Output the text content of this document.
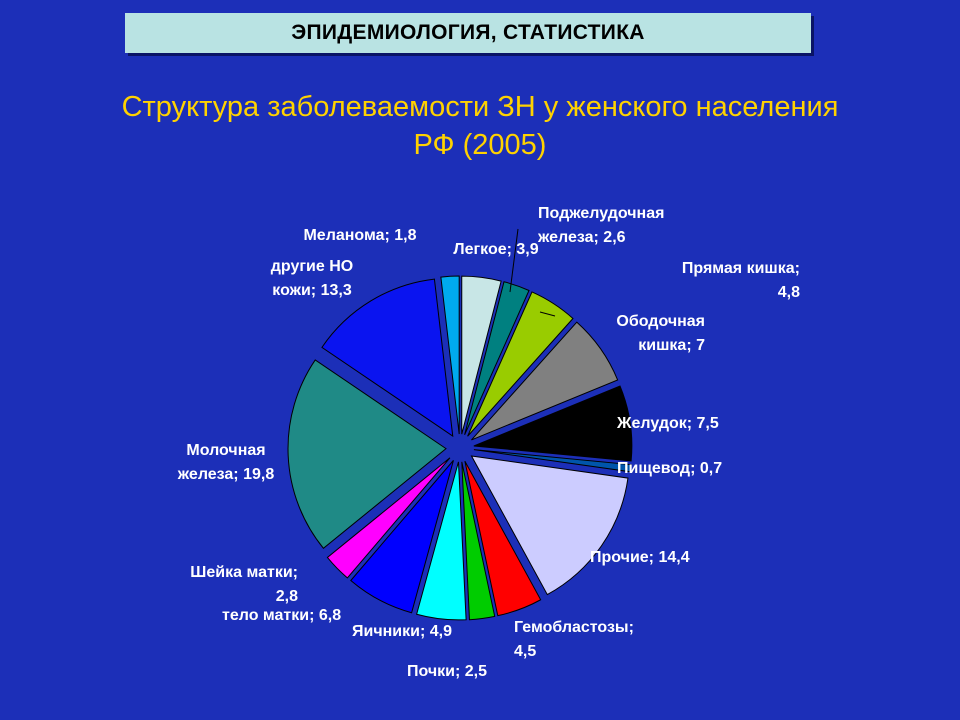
ЭПИДЕМИОЛОГИЯ, СТАТИСТИКА
Структура заболеваемости ЗН у женского населения
РФ (2005)
Легкое; 3,9
Поджелудочная железа; 2,6
Прямая кишка; 4,8
Ободочная кишка; 7
Желудок; 7,5
Пищевод; 0,7
Прочие; 14,4
Гемобластозы; 4,5
Почки; 2,5
Яичники; 4,9
тело матки; 6,8
Шейка матки; 2,8
Молочная железа; 19,8
другие НО кожи; 13,3
Меланома; 1,8
